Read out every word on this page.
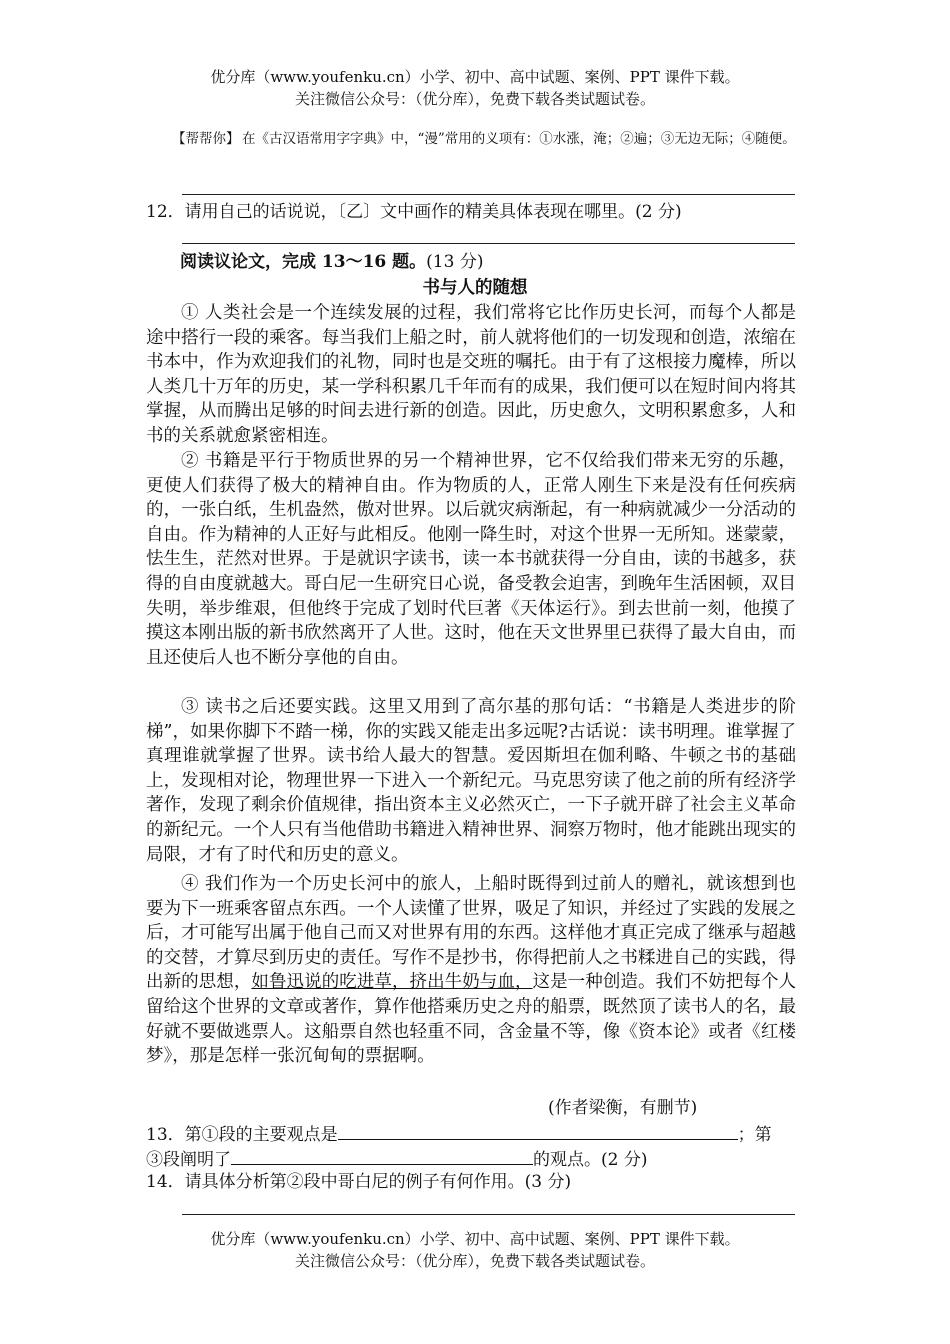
优分库（www.youfenku.cn）小学、初中、高中试题、案例、PPT 课件下载。
关注微信公众号：（优分库），免费下载各类试题试卷。
【帮帮你】 在《古汉语常用字字典》中，“漫”常用的义项有：①水涨，淹；②遍；③无边无际；④随便。
12．请用自己的话说说，〔乙〕文中画作的精美具体表现在哪里。(2 分)
阅读议论文，完成 13～16 题。(13 分)
书与人的随想
① 人类社会是一个连续发展的过程，我们常将它比作历史长河，而每个人都是途中搭行一段的乘客。每当我们上船之时，前人就将他们的一切发现和创造，浓缩在书本中，作为欢迎我们的礼物，同时也是交班的嘱托。由于有了这根接力魔棒，所以人类几十万年的历史，某一学科积累几千年而有的成果，我们便可以在短时间内将其掌握，从而腾出足够的时间去进行新的创造。因此，历史愈久，文明积累愈多，人和书的关系就愈紧密相连。
② 书籍是平行于物质世界的另一个精神世界，它不仅给我们带来无穷的乐趣，更使人们获得了极大的精神自由。作为物质的人，正常人刚生下来是没有任何疾病的，一张白纸，生机盎然，傲对世界。以后就灾病渐起，有一种病就减少一分活动的自由。作为精神的人正好与此相反。他刚一降生时，对这个世界一无所知。迷蒙蒙，怯生生，茫然对世界。于是就识字读书，读一本书就获得一分自由，读的书越多，获得的自由度就越大。哥白尼一生研究日心说，备受教会迫害，到晚年生活困顿，双目失明，举步维艰，但他终于完成了划时代巨著《天体运行》。到去世前一刻，他摸了摸这本刚出版的新书欣然离开了人世。这时，他在天文世界里已获得了最大自由，而且还使后人也不断分享他的自由。
③ 读书之后还要实践。这里又用到了高尔基的那句话：“书籍是人类进步的阶梯”，如果你脚下不踏一梯，你的实践又能走出多远呢?古话说：读书明理。谁掌握了真理谁就掌握了世界。读书给人最大的智慧。爱因斯坦在伽利略、牛顿之书的基础上，发现相对论，物理世界一下进入一个新纪元。马克思穷读了他之前的所有经济学著作，发现了剩余价值规律，指出资本主义必然灭亡，一下子就开辟了社会主义革命的新纪元。一个人只有当他借助书籍进入精神世界、洞察万物时，他才能跳出现实的局限，才有了时代和历史的意义。
④ 我们作为一个历史长河中的旅人，上船时既得到过前人的赠礼，就该想到也要为下一班乘客留点东西。一个人读懂了世界，吸足了知识，并经过了实践的发展之后，才可能写出属于他自己而又对世界有用的东西。这样他才真正完成了继承与超越的交替，才算尽到历史的责任。写作不是抄书，你得把前人之书糅进自己的实践，得出新的思想，如鲁迅说的吃进草，挤出牛奶与血，这是一种创造。我们不妨把每个人留给这个世界的文章或著作，算作他搭乘历史之舟的船票，既然顶了读书人的名，最好就不要做逃票人。这船票自然也轻重不同，含金量不等，像《资本论》或者《红楼梦》，那是怎样一张沉甸甸的票据啊。
(作者梁衡，有删节)
13．第①段的主要观点是	；第
③段阐明了	的观点。(2 分)
14．请具体分析第②段中哥白尼的例子有何作用。(3 分)
优分库（www.youfenku.cn）小学、初中、高中试题、案例、PPT 课件下载。
关注微信公众号：（优分库），免费下载各类试题试卷。
